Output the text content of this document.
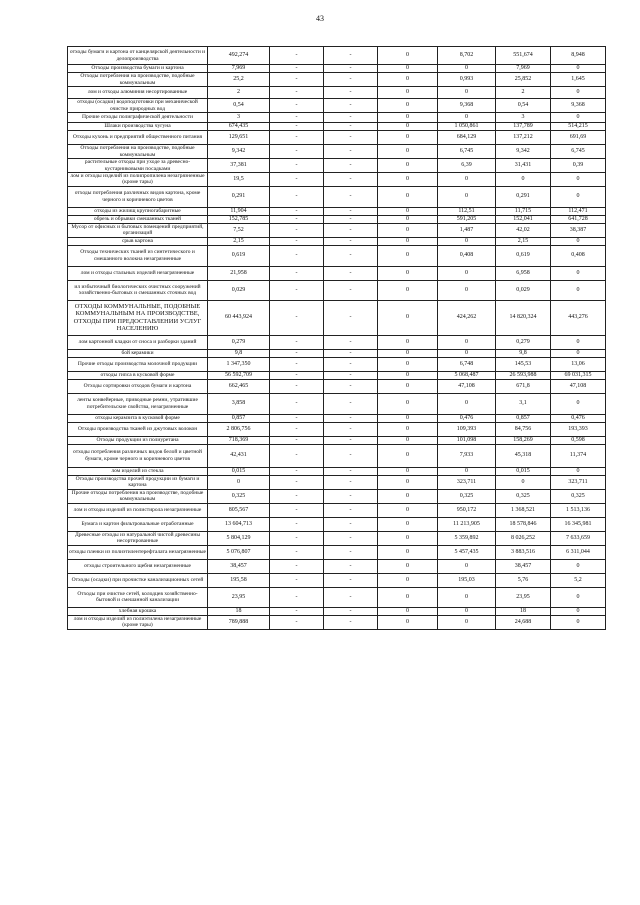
43
отходы бумаги и картона от канцелярской деятельности и делопроизводства	492,274	-	-	0	8,702	551,674	8,948
Отходы производства бумаги и картона	7,969	-	-	0	0	7,969	0
Отходы потребления на производстве, подобные коммунальным	25,2	-	-	0	0,993	25,852	1,645
лом и отходы алюминия несортированные	2	-	-	0	0	2	0
отходы (осадки) водоподготовки при механической очистке природных вод	0,54	-	-	0	9,368	0,54	9,368
Прочие отходы полиграфической деятельности	3	-	-	0	0	3	0
Шлаки производства чугуна	674,435	-	-	0	1 050,861	137,789	514,215
Отходы кухонь и предприятий общественного питания	129,651	-	-	0	684,129	137,212	691,69
Отходы потребления на производстве, подобные коммунальным	9,342	-	-	0	6,745	9,342	6,745
растительные отходы при уходе за древесно-кустарниковыми посадками	37,381	-	-	0	6,39	31,431	0,39
лом и отходы изделий из полипропилена незагрязненные (кроме тары)	19,5	-	-	0	0	0	0
отходы потребления различных видов картона, кроме черного и коричневого цветов	0,291	-	-	0	0	0,291	0
отходы из жилищ крупногабаритные	11,904	-	-	0	112,51	11,715	112,471
обрезь и обрывки смешанных тканей	152,785	-	-	0	591,205	152,041	641,728
Мусор от офисных и бытовых помещений предприятий, организаций	7,52	-	-	0	1,487	42,02	38,387
срыв картона	2,15	-	-	0	0	2,15	0
Отходы технических тканей из синтетического и смешанного волокна незагрязненные	0,619	-	-	0	0,408	0,619	0,408
лом и отходы стальных изделий незагрязненные	21,958	-	-	0	0	6,958	0
ил избыточный биологических очистных сооружений хозяйственно-бытовых и смешанных сточных вод	0,029	-	-	0	0	0,029	0
ОТХОДЫ КОММУНАЛЬНЫЕ, ПОДОБНЫЕ КОММУНАЛЬНЫМ НА ПРОИЗВОДСТВЕ, ОТХОДЫ ПРИ ПРЕДОСТАВЛЕНИИ УСЛУГ НАСЕЛЕНИЮ	60 443,924	-	-	0	424,262	14 820,324	443,276
лом картонной кладки от сноса и разборки зданий	0,279	-	-	0	0	0,279	0
бой керамики	9,8	-	-	0	0	9,8	0
Прочие отходы производства молочной продукции	1 347,350	-	-	0	6,748	145,53	13,06
отходы гипса в кусковой форме	56 592,709	-	-	0	5 068,487	26 593,988	69 031,315
Отходы сортировки отходов бумаги и картона	662,465	-	-	0	47,108	671,8	47,108
ленты конвейерные, приводные ремни, утратившие потребительские свойства, незагрязненные	3,858	-	-	0	0	3,1	0
отходы керамзита в кусковой форме	0,857	-	-	0	0,476	0,857	0,476
Отходы производства тканей из джутовых волокон	2 806,756	-	-	0	109,393	84,756	193,393
Отходы продукции из полиуретана	718,369	-	-	0	101,098	158,269	0,598
отходы потребления различных видов белой и цветной бумаги, кроме черного и коричневого цветов	42,431	-	-	0	7,933	45,318	11,374
лом изделий из стекла	0,015	-	-	0	0	0,015	0
Отходы производства прочей продукции из бумаги и картона	0	-	-	0	323,711	0	323,711
Прочие отходы потребления на производстве, подобные коммунальным	0,325	-	-	0	0,325	0,325	0,325
лом и отходы изделий из полистирола незагрязненные	805,567	-	-	0	950,172	1 368,521	1 513,136
Бумага и картон фильтровальные отработанные	13 604,713	-	-	0	11 213,905	18 578,846	16 345,981
Древесные отходы из натуральной чистой древесины несортированные	5 804,129	-	-	0	5 359,892	8 026,252	7 633,659
отходы пленки из полиэтилентерефталата незагрязненные	5 076,807	-	-	0	5 457,435	3 883,516	6 311,044
отходы строительного щебня незагрязненные	38,457	-	-	0	0	38,457	0
Отходы (осадки) при прочистке канализационных сетей	195,58	-	-	0	195,03	5,76	5,2
Отходы при очистке сетей, колодцев хозяйственно-бытовой и смешанной канализации	23,95	-	-	0	0	23,95	0
хлебная крошка	18	-	-	0	0	18	0
лом и отходы изделий из полиэтилена незагрязненные (кроме тары)	789,888	-	-	0	0	24,688	0
